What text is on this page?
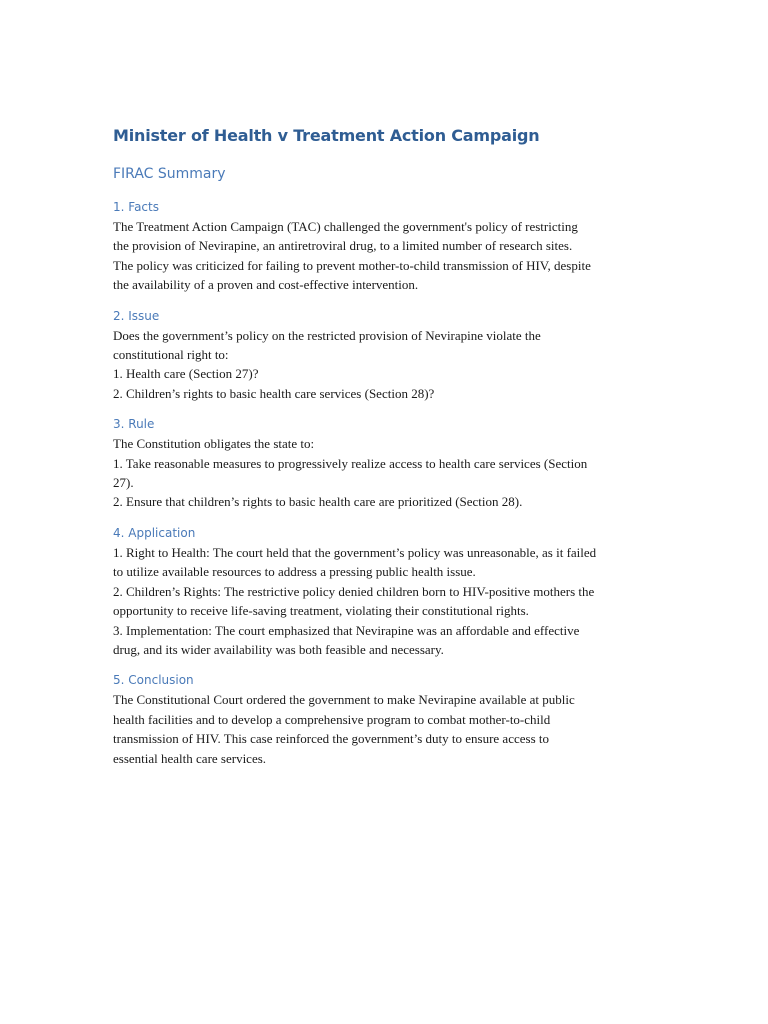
Minister of Health v Treatment Action Campaign
FIRAC Summary
1. Facts

The Treatment Action Campaign (TAC) challenged the government's policy of restricting
the provision of Nevirapine, an antiretroviral drug, to a limited number of research sites.
The policy was criticized for failing to prevent mother-to-child transmission of HIV, despite
the availability of a proven and cost-effective intervention.

2. Issue

Does the government’s policy on the restricted provision of Nevirapine violate the
constitutional right to:
1. Health care (Section 27)?
2. Children’s rights to basic health care services (Section 28)?

3. Rule

The Constitution obligates the state to:
1. Take reasonable measures to progressively realize access to health care services (Section
27).
2. Ensure that children’s rights to basic health care are prioritized (Section 28).

4. Application

1. Right to Health: The court held that the government’s policy was unreasonable, as it failed
to utilize available resources to address a pressing public health issue.
2. Children’s Rights: The restrictive policy denied children born to HIV-positive mothers the
opportunity to receive life-saving treatment, violating their constitutional rights.
3. Implementation: The court emphasized that Nevirapine was an affordable and effective
drug, and its wider availability was both feasible and necessary.

5. Conclusion

The Constitutional Court ordered the government to make Nevirapine available at public
health facilities and to develop a comprehensive program to combat mother-to-child
transmission of HIV. This case reinforced the government’s duty to ensure access to
essential health care services.
